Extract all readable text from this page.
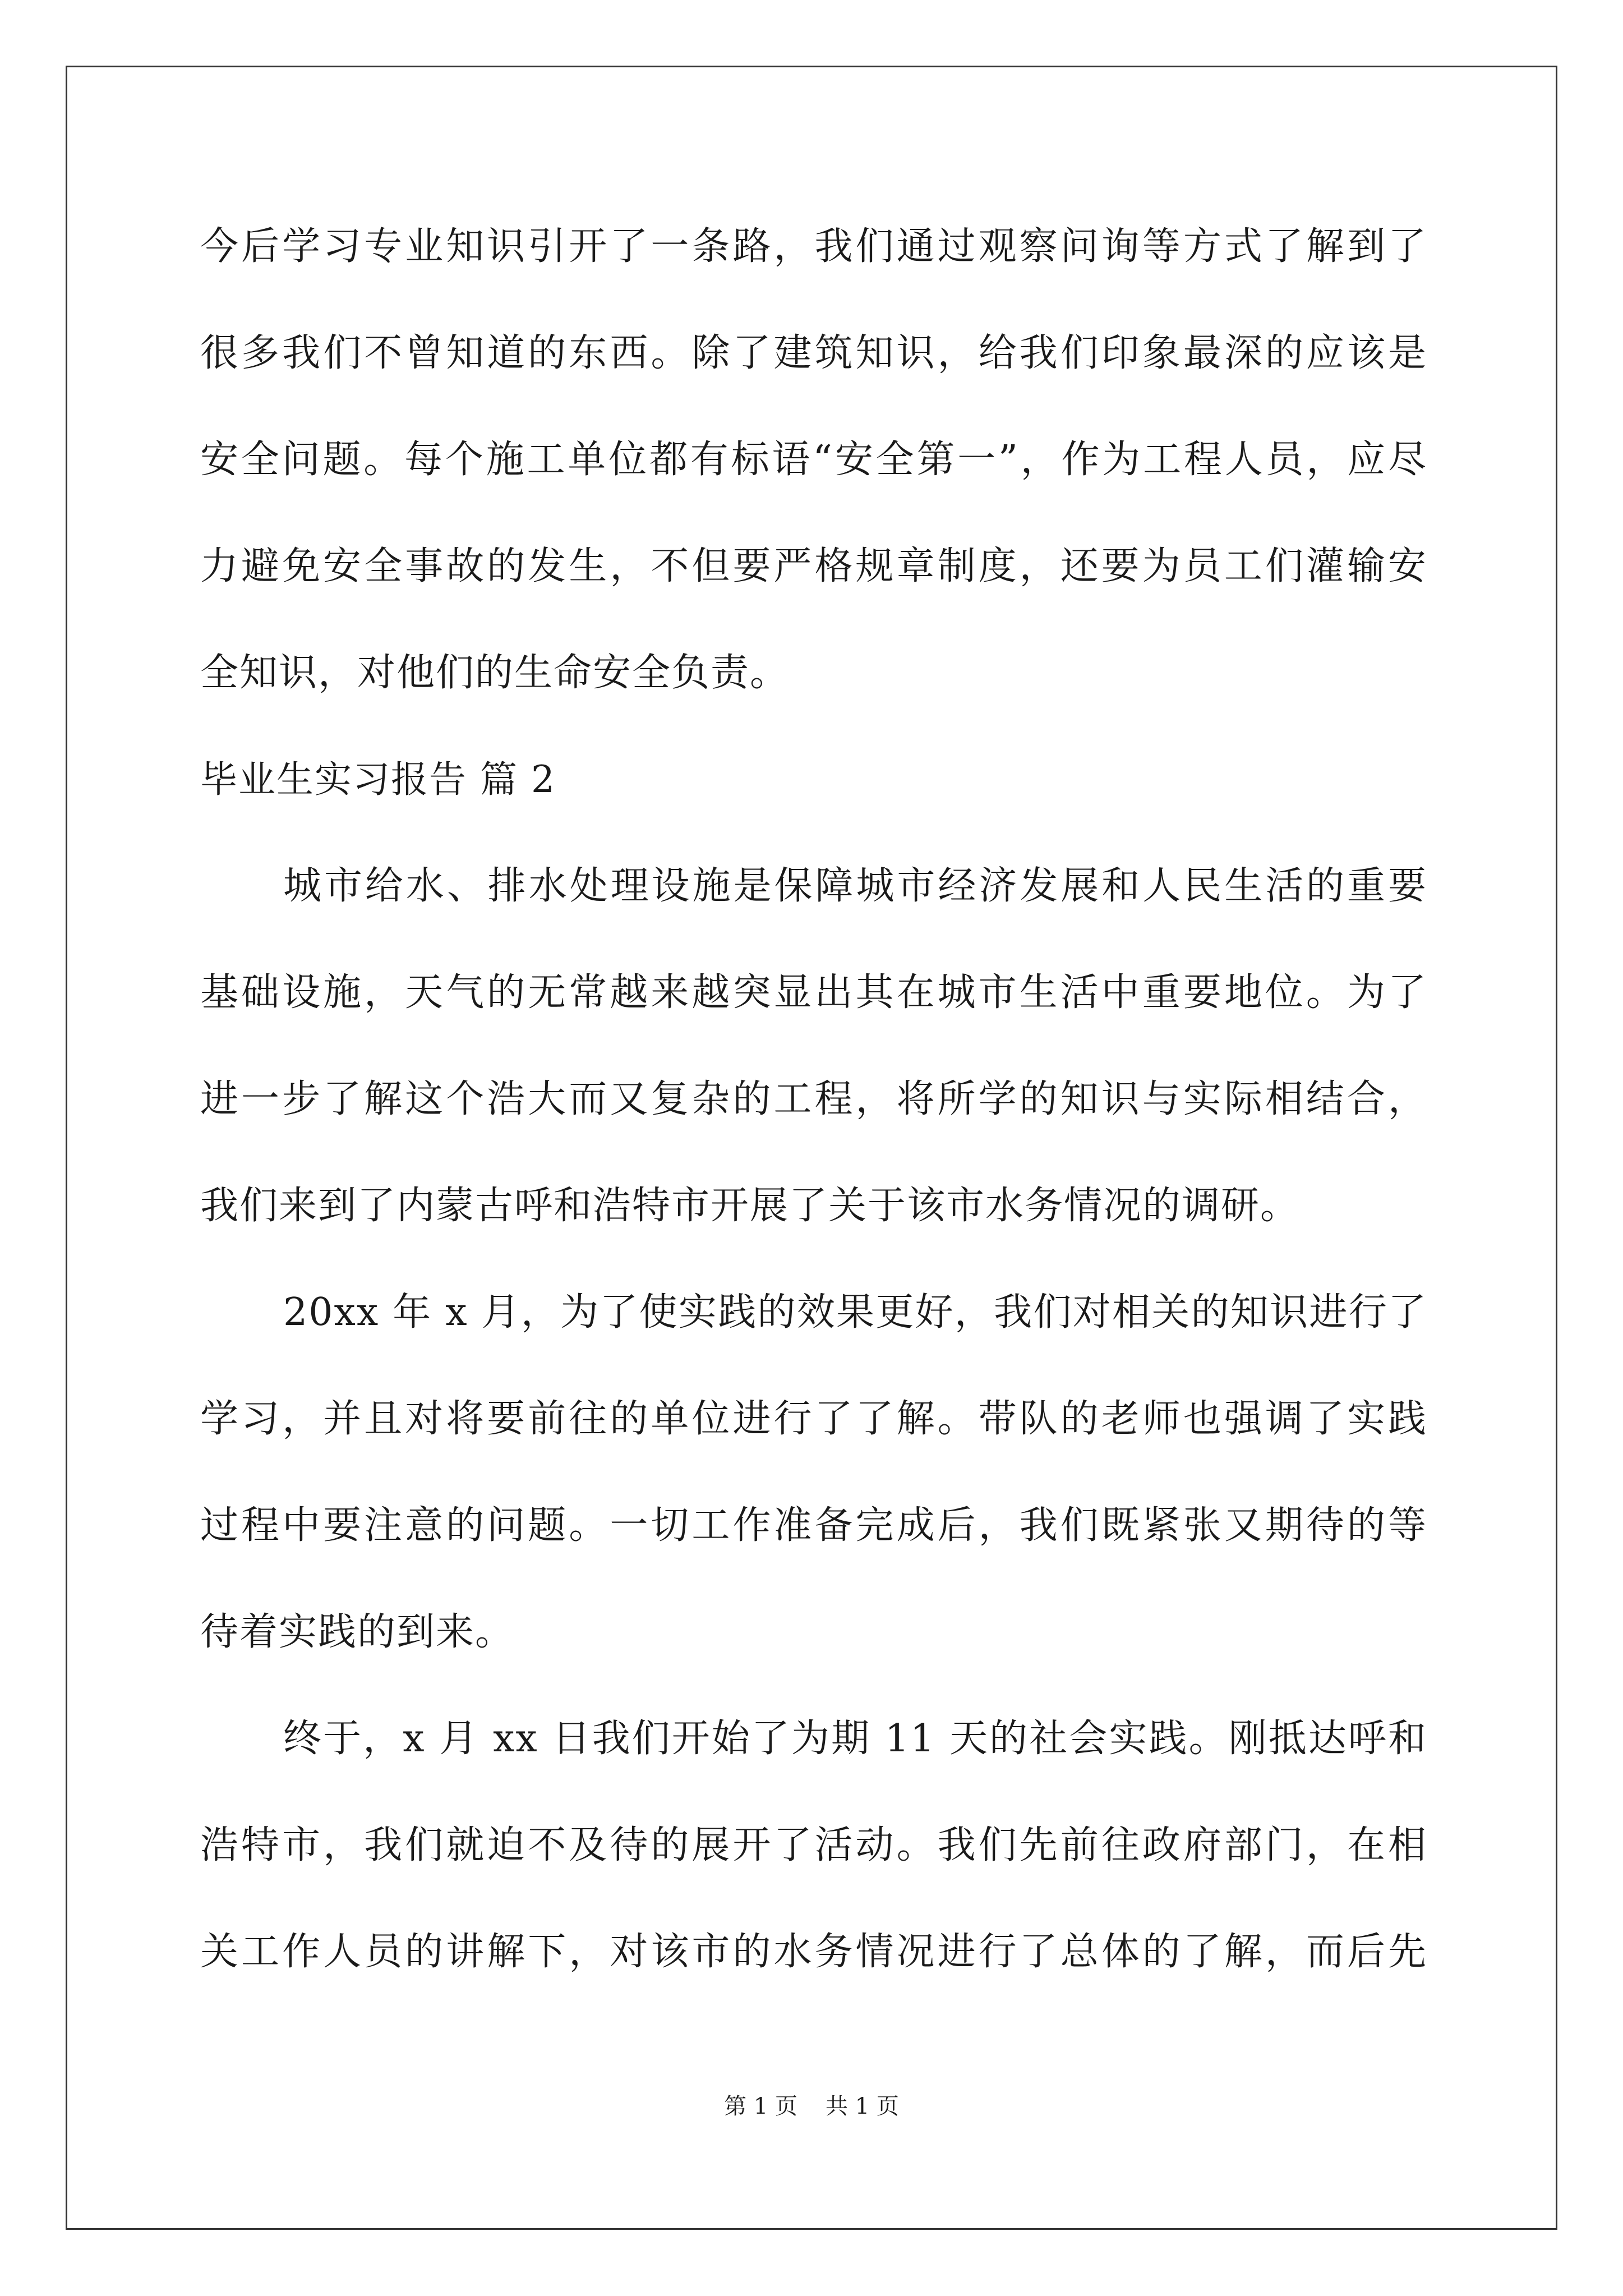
今后学习专业知识引开了一条路，我们通过观察问询等方式了解到了
很多我们不曾知道的东西。除了建筑知识，给我们印象最深的应该是
安全问题。每个施工单位都有标语“安全第一”，作为工程人员，应尽
力避免安全事故的发生，不但要严格规章制度，还要为员工们灌输安
全知识，对他们的生命安全负责。
毕业生实习报告 篇 2
城市给水、排水处理设施是保障城市经济发展和人民生活的重要
基础设施，天气的无常越来越突显出其在城市生活中重要地位。为了
进一步了解这个浩大而又复杂的工程，将所学的知识与实际相结合，
我们来到了内蒙古呼和浩特市开展了关于该市水务情况的调研。
20xx 年 x 月，为了使实践的效果更好，我们对相关的知识进行了
学习，并且对将要前往的单位进行了了解。带队的老师也强调了实践
过程中要注意的问题。一切工作准备完成后，我们既紧张又期待的等
待着实践的到来。
终于，x 月 xx 日我们开始了为期 11 天的社会实践。刚抵达呼和
浩特市，我们就迫不及待的展开了活动。我们先前往政府部门，在相
关工作人员的讲解下，对该市的水务情况进行了总体的了解，而后先
第 1 页 共 1 页
